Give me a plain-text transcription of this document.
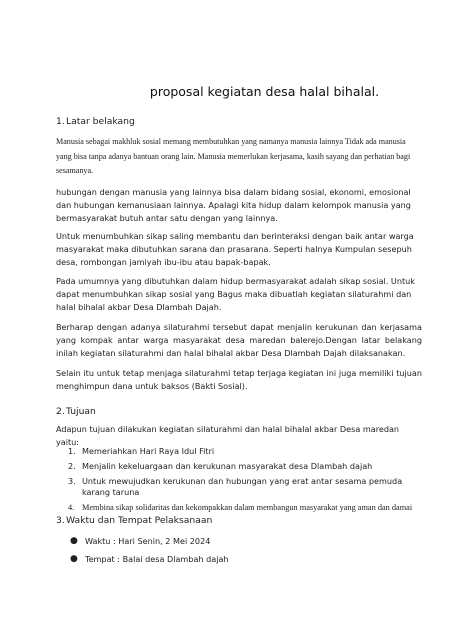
proposal kegiatan desa halal bihalal.
1.Latar belakang

Manusia sebagai makhluk sosial memang membutuhkan yang namanya manusia lainnya Tidak ada manusia yang bisa tanpa adanya bantuan orang lain. Manusia memerlukan kerjasama, kasih sayang dan perhatian bagi sesamanya.

hubungan dengan manusia yang lainnya bisa dalam bidang sosial, ekonomi, emosional dan hubungan kemanusiaan lainnya. Apalagi kita hidup dalam kelompok manusia yang bermasyarakat butuh antar satu dengan yang lainnya.

Untuk menumbuhkan sikap saling membantu dan berinteraksi dengan baik antar warga masyarakat maka dibutuhkan sarana dan prasarana. Seperti halnya Kumpulan sesepuh desa, rombongan jamiyah ibu-ibu atau bapak-bapak.

Pada umumnya yang dibutuhkan dalam hidup bermasyarakat adalah sikap sosial. Untuk dapat menumbuhkan sikap sosial yang Bagus maka dibuatlah kegiatan silaturahmi dan halal bihalal akbar Desa Dlambah Dajah.

Berharap dengan adanya silaturahmi tersebut dapat menjalin kerukunan dan kerjasama yang kompak antar warga masyarakat desa maredan balerejo.Dengan latar belakang inilah kegiatan silaturahmi dan halal bihalal akbar Desa Dlambah Dajah dilaksanakan.

Selain itu untuk tetap menjaga silaturahmi tetap terjaga kegiatan ini juga memiliki tujuan menghimpun dana untuk baksos (Bakti Sosial).

2.Tujuan

Adapun tujuan dilakukan kegiatan silaturahmi dan halal bihalal akbar Desa maredan yaitu:

1. Memeriahkan Hari Raya Idul Fitri
2. Menjalin kekeluargaan dan kerukunan masyarakat desa Dlambah dajah
3. Untuk mewujudkan kerukunan dan hubungan yang erat antar sesama pemuda karang taruna
4. Membina sikap solidaritas dan kekompakkan dalam membangun masyarakat yang aman dan damai
3.Waktu dan Tempat Pelaksanaan
● Waktu : Hari Senin, 2 Mei 2024
● Tempat : Balai desa Dlambah dajah
